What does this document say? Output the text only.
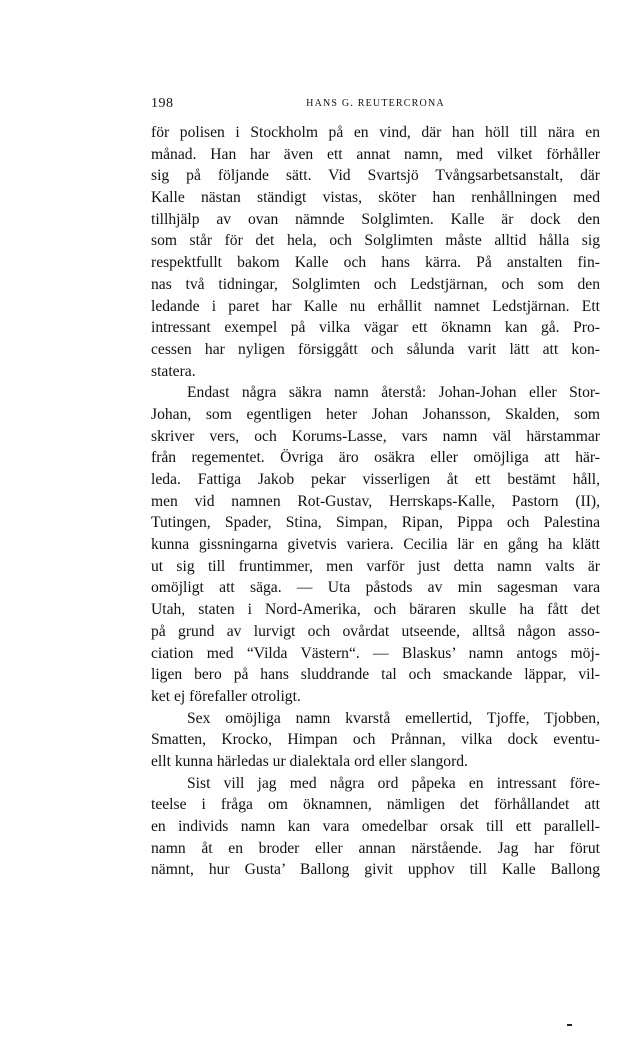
198	HANS G. REUTERCRONA
för polisen i Stockholm på en vind, där han höll till nära en
månad. Han har även ett annat namn, med vilket förhåller
sig på följande sätt. Vid Svartsjö Tvångsarbetsanstalt, där
Kalle nästan ständigt vistas, sköter han renhållningen med
tillhjälp av ovan nämnde Solglimten. Kalle är dock den
som står för det hela, och Solglimten måste alltid hålla sig
respektfullt bakom Kalle och hans kärra. På anstalten fin-
nas två tidningar, Solglimten och Ledstjärnan, och som den
ledande i paret har Kalle nu erhållit namnet Ledstjärnan. Ett
intressant exempel på vilka vägar ett öknamn kan gå. Pro-
cessen har nyligen försiggått och sålunda varit lätt att kon-
statera.
Endast några säkra namn återstå: Johan-Johan eller Stor-
Johan, som egentligen heter Johan Johansson, Skalden, som
skriver vers, och Korums-Lasse, vars namn väl härstammar
från regementet. Övriga äro osäkra eller omöjliga att här-
leda. Fattiga Jakob pekar visserligen åt ett bestämt håll,
men vid namnen Rot-Gustav, Herrskaps-Kalle, Pastorn (II),
Tutingen, Spader, Stina, Simpan, Ripan, Pippa och Palestina
kunna gissningarna givetvis variera. Cecilia lär en gång ha klätt
ut sig till fruntimmer, men varför just detta namn valts är
omöjligt att säga. — Uta påstods av min sagesman vara
Utah, staten i Nord-Amerika, och bäraren skulle ha fått det
på grund av lurvigt och ovårdat utseende, alltså någon asso-
ciation med “Vilda Västern“. — Blaskus’ namn antogs möj-
ligen bero på hans sluddrande tal och smackande läppar, vil-
ket ej förefaller otroligt.
Sex omöjliga namn kvarstå emellertid, Tjoffe, Tjobben,
Smatten, Krocko, Himpan och Prånnan, vilka dock eventu-
ellt kunna härledas ur dialektala ord eller slangord.
Sist vill jag med några ord påpeka en intressant före-
teelse i fråga om öknamnen, nämligen det förhållandet att
en individs namn kan vara omedelbar orsak till ett parallell-
namn åt en broder eller annan närstående. Jag har förut
nämnt, hur Gusta’ Ballong givit upphov till Kalle Ballong
